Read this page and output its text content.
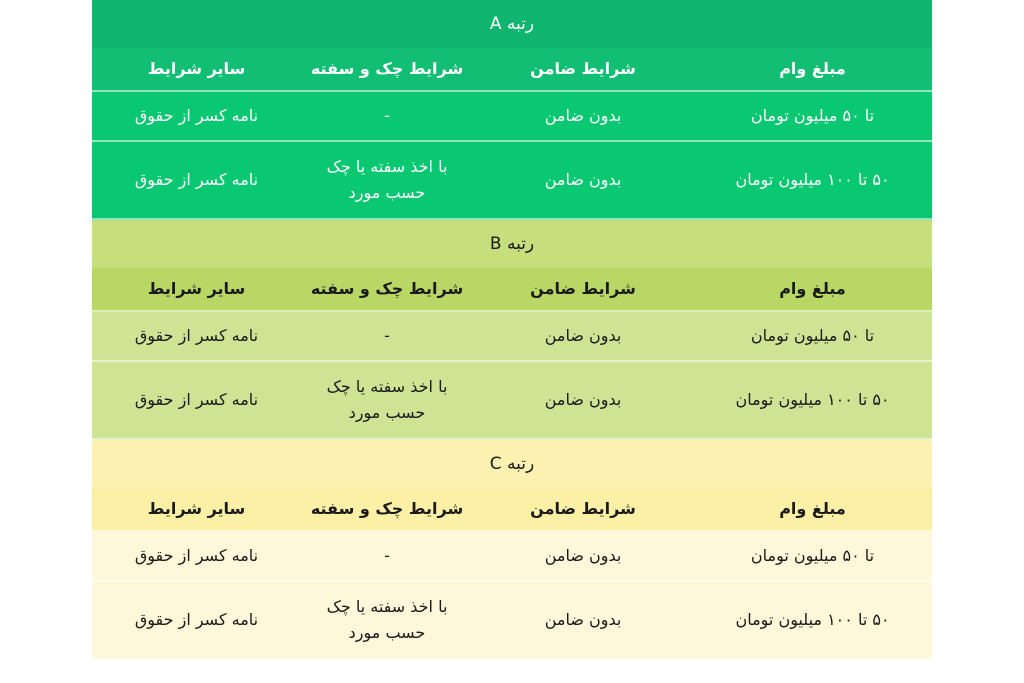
رتبه A
مبلغ وام
شرایط ضامن
شرایط چک و سفته
سایر شرایط
تا ۵۰ میلیون تومان
بدون ضامن
-
نامه کسر از حقوق
۵۰ تا ۱۰۰ میلیون تومان
بدون ضامن
با اخذ سفته یا چک
حسب مورد
نامه کسر از حقوق
رتبه B
مبلغ وام
شرایط ضامن
شرایط چک و سفته
سایر شرایط
تا ۵۰ میلیون تومان
بدون ضامن
-
نامه کسر از حقوق
۵۰ تا ۱۰۰ میلیون تومان
بدون ضامن
با اخذ سفته یا چک
حسب مورد
نامه کسر از حقوق
رتبه C
مبلغ وام
شرایط ضامن
شرایط چک و سفته
سایر شرایط
تا ۵۰ میلیون تومان
بدون ضامن
-
نامه کسر از حقوق
۵۰ تا ۱۰۰ میلیون تومان
بدون ضامن
با اخذ سفته یا چک
حسب مورد
نامه کسر از حقوق
